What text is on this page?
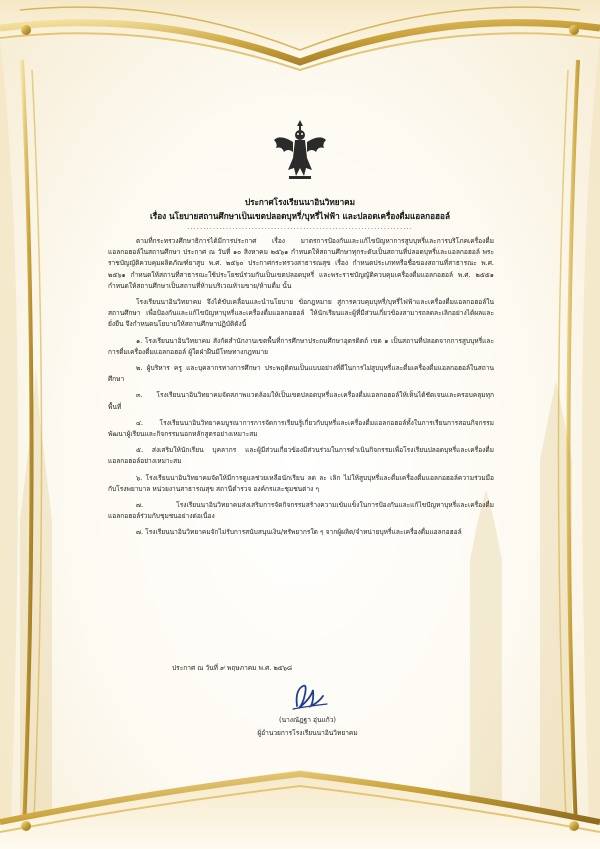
ประกาศโรงเรียนนาอินวิทยาคม
เรื่อง นโยบายสถานศึกษาเป็นเขตปลอดบุหรี่/บุหรี่ไฟฟ้า และปลอดเครื่องดื่มแอลกอฮอล์
......................................................................

ตามที่กระทรวงศึกษาธิการได้มีการประกาศ เรื่อง มาตรการป้องกันและแก้ไขปัญหาการสูบบุหรี่และการบริโภคเครื่องดื่มแอลกอฮอล์ในสถานศึกษา ประกาศ ณ วันที่ ๑๐ สิงหาคม ๒๕๖๑ กำหนดให้สถานศึกษาทุกระดับเป็นสถานที่ปลอดบุหรี่และแอลกอฮอล์ พระราชบัญญัติควบคุมผลิตภัณฑ์ยาสูบ พ.ศ. ๒๕๖๐ ประกาศกระทรวงสาธารณสุข เรื่อง กำหนดประเภทหรือชื่อของสถานที่สาธารณะ พ.ศ. ๒๕๖๑ กำหนดให้สถานที่สาธารณะใช้ประโยชน์ร่วมกันเป็นเขตปลอดบุหรี่ และพระราชบัญญัติควบคุมเครื่องดื่มแอลกอฮอล์ พ.ศ. ๒๕๕๑ กำหนดให้สถานศึกษาเป็นสถานที่ห้ามบริเวณห้ามขาย/ห้ามดื่ม นั้น

โรงเรียนนาอินวิทยาคม จึงได้ขับเคลื่อนและนำนโยบาย ข้อกฎหมาย สู่การควบคุมบุหรี่/บุหรี่ไฟฟ้าและเครื่องดื่มแอลกอฮอล์ในสถานศึกษา เพื่อป้องกันและแก้ไขปัญหาบุหรี่และเครื่องดื่มแอลกอฮอล์ ให้นักเรียนและผู้ที่มีส่วนเกี่ยวข้องสามารถลดละเลิกอย่างได้ผลและยั่งยืน จึงกำหนดนโยบายให้สถานศึกษาปฏิบัติดังนี้

๑. โรงเรียนนาอินวิทยาคม สังกัดสำนักงานเขตพื้นที่การศึกษาประถมศึกษาอุตรดิตถ์ เขต ๑ เป็นสถานที่ปลอดจากการสูบบุหรี่และการดื่มเครื่องดื่มแอลกอฮอล์ ผู้ใดฝ่าฝืนมีโทษทางกฎหมาย

๒. ผู้บริหาร ครู และบุคลากรทางการศึกษา ประพฤติตนเป็นแบบอย่างที่ดีในการไม่สูบบุหรี่และดื่มเครื่องดื่มแอลกอฮอล์ในสถานศึกษา

๓. โรงเรียนนาอินวิทยาคมจัดสภาพแวดล้อมให้เป็นเขตปลอดบุหรี่และเครื่องดื่มแอลกอฮอล์ให้เห็นได้ชัดเจนและครอบคลุมทุกพื้นที่

๔. โรงเรียนนาอินวิทยาคมบูรณาการการจัดการเรียนรู้เกี่ยวกับบุหรี่และเครื่องดื่มแอลกอฮอล์ทั้งในการเรียนการสอนกิจกรรมพัฒนาผู้เรียนและกิจกรรมนอกหลักสูตรอย่างเหมาะสม

๕. ส่งเสริมให้นักเรียน บุคลากร และผู้มีส่วนเกี่ยวข้องมีส่วนร่วมในการดำเนินกิจกรรมเพื่อโรงเรียนปลอดบุหรี่และเครื่องดื่มแอลกอฮอล์อย่างเหมาะสม

๖. โรงเรียนนาอินวิทยาคมจัดให้มีการดูแลช่วยเหลือนักเรียน ลด ละ เลิก ไม่ให้สูบบุหรี่และดื่มเครื่องดื่มแอลกอฮอล์ความร่วมมือกับโรงพยาบาล หน่วยงานสาธารณสุข สถานีตำรวจ องค์กรและชุมชนต่าง ๆ

๗. โรงเรียนนาอินวิทยาคมส่งเสริมการจัดกิจกรรมสร้างความเข้มแข็งในการป้องกันและแก้ไขปัญหาบุหรี่และเครื่องดื่มแอลกอฮอล์ร่วมกับชุมชนอย่างต่อเนื่อง

๗. โรงเรียนนาอินวิทยาคมจักไม่รับการสนับสนุนเงิน/ทรัพยากรใด ๆ จากผู้ผลิต/จำหน่ายบุหรี่และเครื่องดื่มแอลกอฮอล์

ประกาศ ณ วันที่ ๙ พฤษภาคม พ.ศ. ๒๕๖๘
(นางณัฏฐา อุ่นแก้ว)
ผู้อำนวยการโรงเรียนนาอินวิทยาคม
